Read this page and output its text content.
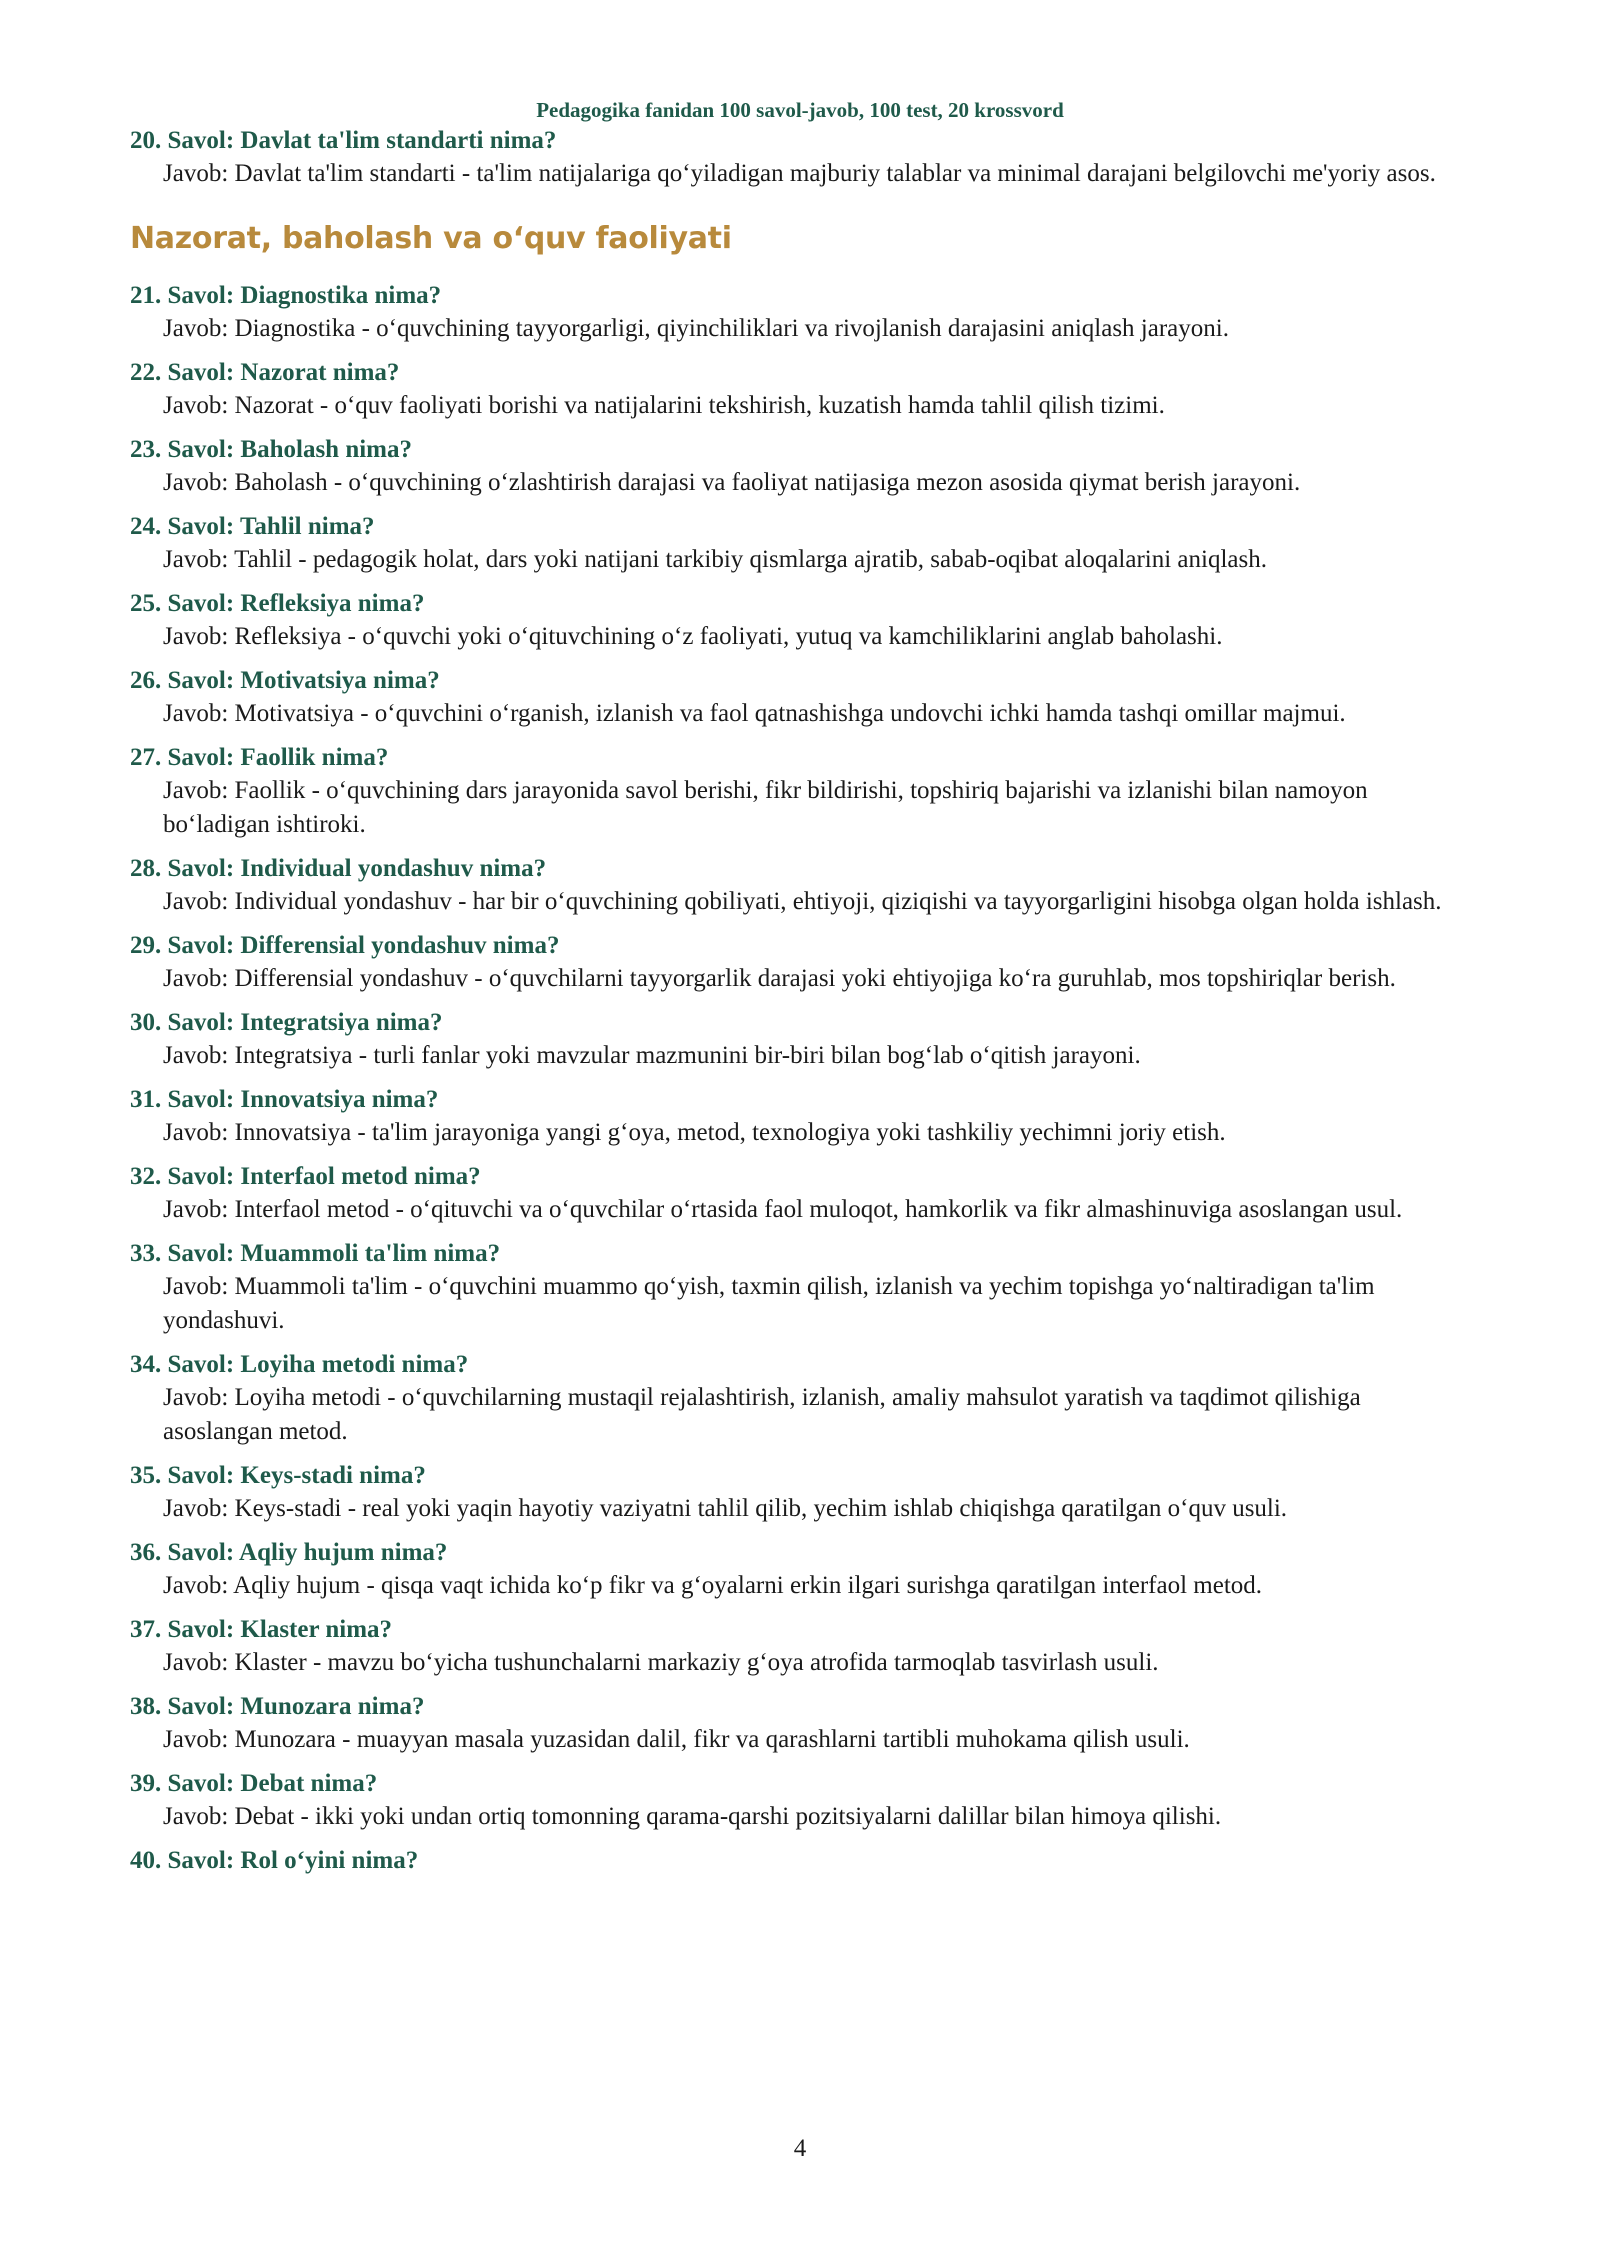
Pedagogika fanidan 100 savol-javob, 100 test, 20 krossvord
20. Savol: Davlat ta'lim standarti nima?
Javob: Davlat ta'lim standarti - ta'lim natijalariga qo‘yiladigan majburiy talablar va minimal darajani belgilovchi me'yoriy asos.
Nazorat, baholash va o‘quv faoliyati
21. Savol: Diagnostika nima?
Javob: Diagnostika - o‘quvchining tayyorgarligi, qiyinchiliklari va rivojlanish darajasini aniqlash jarayoni.
22. Savol: Nazorat nima?
Javob: Nazorat - o‘quv faoliyati borishi va natijalarini tekshirish, kuzatish hamda tahlil qilish tizimi.
23. Savol: Baholash nima?
Javob: Baholash - o‘quvchining o‘zlashtirish darajasi va faoliyat natijasiga mezon asosida qiymat berish jarayoni.
24. Savol: Tahlil nima?
Javob: Tahlil - pedagogik holat, dars yoki natijani tarkibiy qismlarga ajratib, sabab-oqibat aloqalarini aniqlash.
25. Savol: Refleksiya nima?
Javob: Refleksiya - o‘quvchi yoki o‘qituvchining o‘z faoliyati, yutuq va kamchiliklarini anglab baholashi.
26. Savol: Motivatsiya nima?
Javob: Motivatsiya - o‘quvchini o‘rganish, izlanish va faol qatnashishga undovchi ichki hamda tashqi omillar majmui.
27. Savol: Faollik nima?
Javob: Faollik - o‘quvchining dars jarayonida savol berishi, fikr bildirishi, topshiriq bajarishi va izlanishi bilan namoyon bo‘ladigan ishtiroki.
28. Savol: Individual yondashuv nima?
Javob: Individual yondashuv - har bir o‘quvchining qobiliyati, ehtiyoji, qiziqishi va tayyorgarligini hisobga olgan holda ishlash.
29. Savol: Differensial yondashuv nima?
Javob: Differensial yondashuv - o‘quvchilarni tayyorgarlik darajasi yoki ehtiyojiga ko‘ra guruhlab, mos topshiriqlar berish.
30. Savol: Integratsiya nima?
Javob: Integratsiya - turli fanlar yoki mavzular mazmunini bir-biri bilan bog‘lab o‘qitish jarayoni.
31. Savol: Innovatsiya nima?
Javob: Innovatsiya - ta'lim jarayoniga yangi g‘oya, metod, texnologiya yoki tashkiliy yechimni joriy etish.
32. Savol: Interfaol metod nima?
Javob: Interfaol metod - o‘qituvchi va o‘quvchilar o‘rtasida faol muloqot, hamkorlik va fikr almashinuviga asoslangan usul.
33. Savol: Muammoli ta'lim nima?
Javob: Muammoli ta'lim - o‘quvchini muammo qo‘yish, taxmin qilish, izlanish va yechim topishga yo‘naltiradigan ta'lim yondashuvi.
34. Savol: Loyiha metodi nima?
Javob: Loyiha metodi - o‘quvchilarning mustaqil rejalashtirish, izlanish, amaliy mahsulot yaratish va taqdimot qilishiga asoslangan metod.
35. Savol: Keys-stadi nima?
Javob: Keys-stadi - real yoki yaqin hayotiy vaziyatni tahlil qilib, yechim ishlab chiqishga qaratilgan o‘quv usuli.
36. Savol: Aqliy hujum nima?
Javob: Aqliy hujum - qisqa vaqt ichida ko‘p fikr va g‘oyalarni erkin ilgari surishga qaratilgan interfaol metod.
37. Savol: Klaster nima?
Javob: Klaster - mavzu bo‘yicha tushunchalarni markaziy g‘oya atrofida tarmoqlab tasvirlash usuli.
38. Savol: Munozara nima?
Javob: Munozara - muayyan masala yuzasidan dalil, fikr va qarashlarni tartibli muhokama qilish usuli.
39. Savol: Debat nima?
Javob: Debat - ikki yoki undan ortiq tomonning qarama-qarshi pozitsiyalarni dalillar bilan himoya qilishi.
40. Savol: Rol o‘yini nima?
4
